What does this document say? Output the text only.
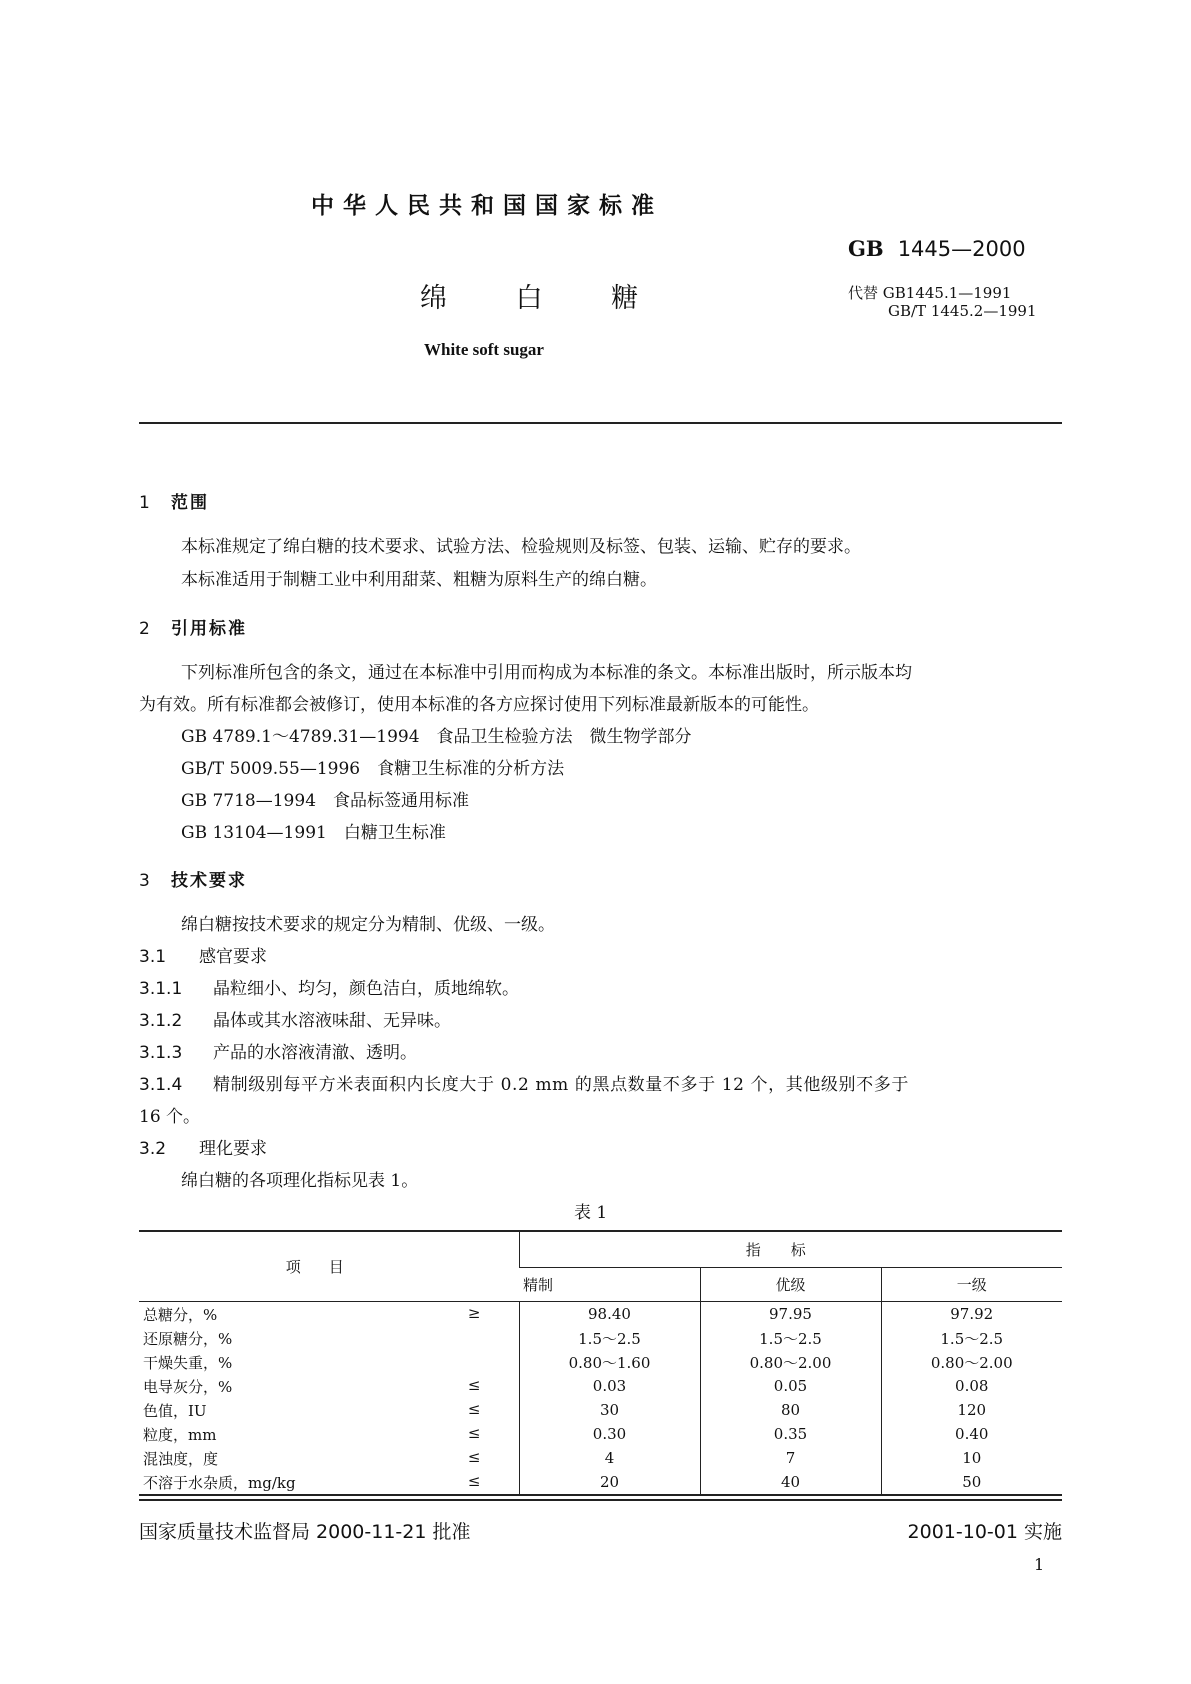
中华人民共和国国家标准
GB 1445—2000
绵 白 糖	代替 GB1445.1—1991
GB/T 1445.2—1991
White soft sugar
1 范围
本标准规定了绵白糖的技术要求、试验方法、检验规则及标签、包装、运输、贮存的要求。
本标准适用于制糖工业中利用甜菜、粗糖为原料生产的绵白糖。
2 引用标准
下列标准所包含的条文，通过在本标准中引用而构成为本标准的条文。本标准出版时，所示版本均
为有效。所有标准都会被修订，使用本标准的各方应探讨使用下列标准最新版本的可能性。
GB 4789.1～4789.31—1994　食品卫生检验方法　微生物学部分
GB/T 5009.55—1996　食糖卫生标准的分析方法
GB 7718—1994　食品标签通用标准
GB 13104—1991　白糖卫生标准
3 技术要求
绵白糖按技术要求的规定分为精制、优级、一级。
3.1 感官要求
3.1.1 晶粒细小、均匀，颜色洁白，质地绵软。
3.1.2 晶体或其水溶液味甜、无异味。
3.1.3 产品的水溶液清澈、透明。
3.1.4 精制级别每平方米表面积内长度大于 0.2 mm 的黑点数量不多于 12 个，其他级别不多于
16 个。
3.2 理化要求
绵白糖的各项理化指标见表 1。
表 1
项目	指标		
	精制	优级	一级
总糖分，% ≥	98.40	97.95	97.92
还原糖分，%	1.5～2.5	1.5～2.5	1.5～2.5
干燥失重，%	0.80～1.60	0.80～2.00	0.80～2.00
电导灰分，% ≤	0.03	0.05	0.08
色值，IU ≤	30	80	120
粒度，mm ≤	0.30	0.35	0.40
混浊度，度 ≤	4	7	10
不溶于水杂质，mg/kg ≤	20	40	50
国家质量技术监督局 2000-11-21 批准	2001-10-01 实施
1
